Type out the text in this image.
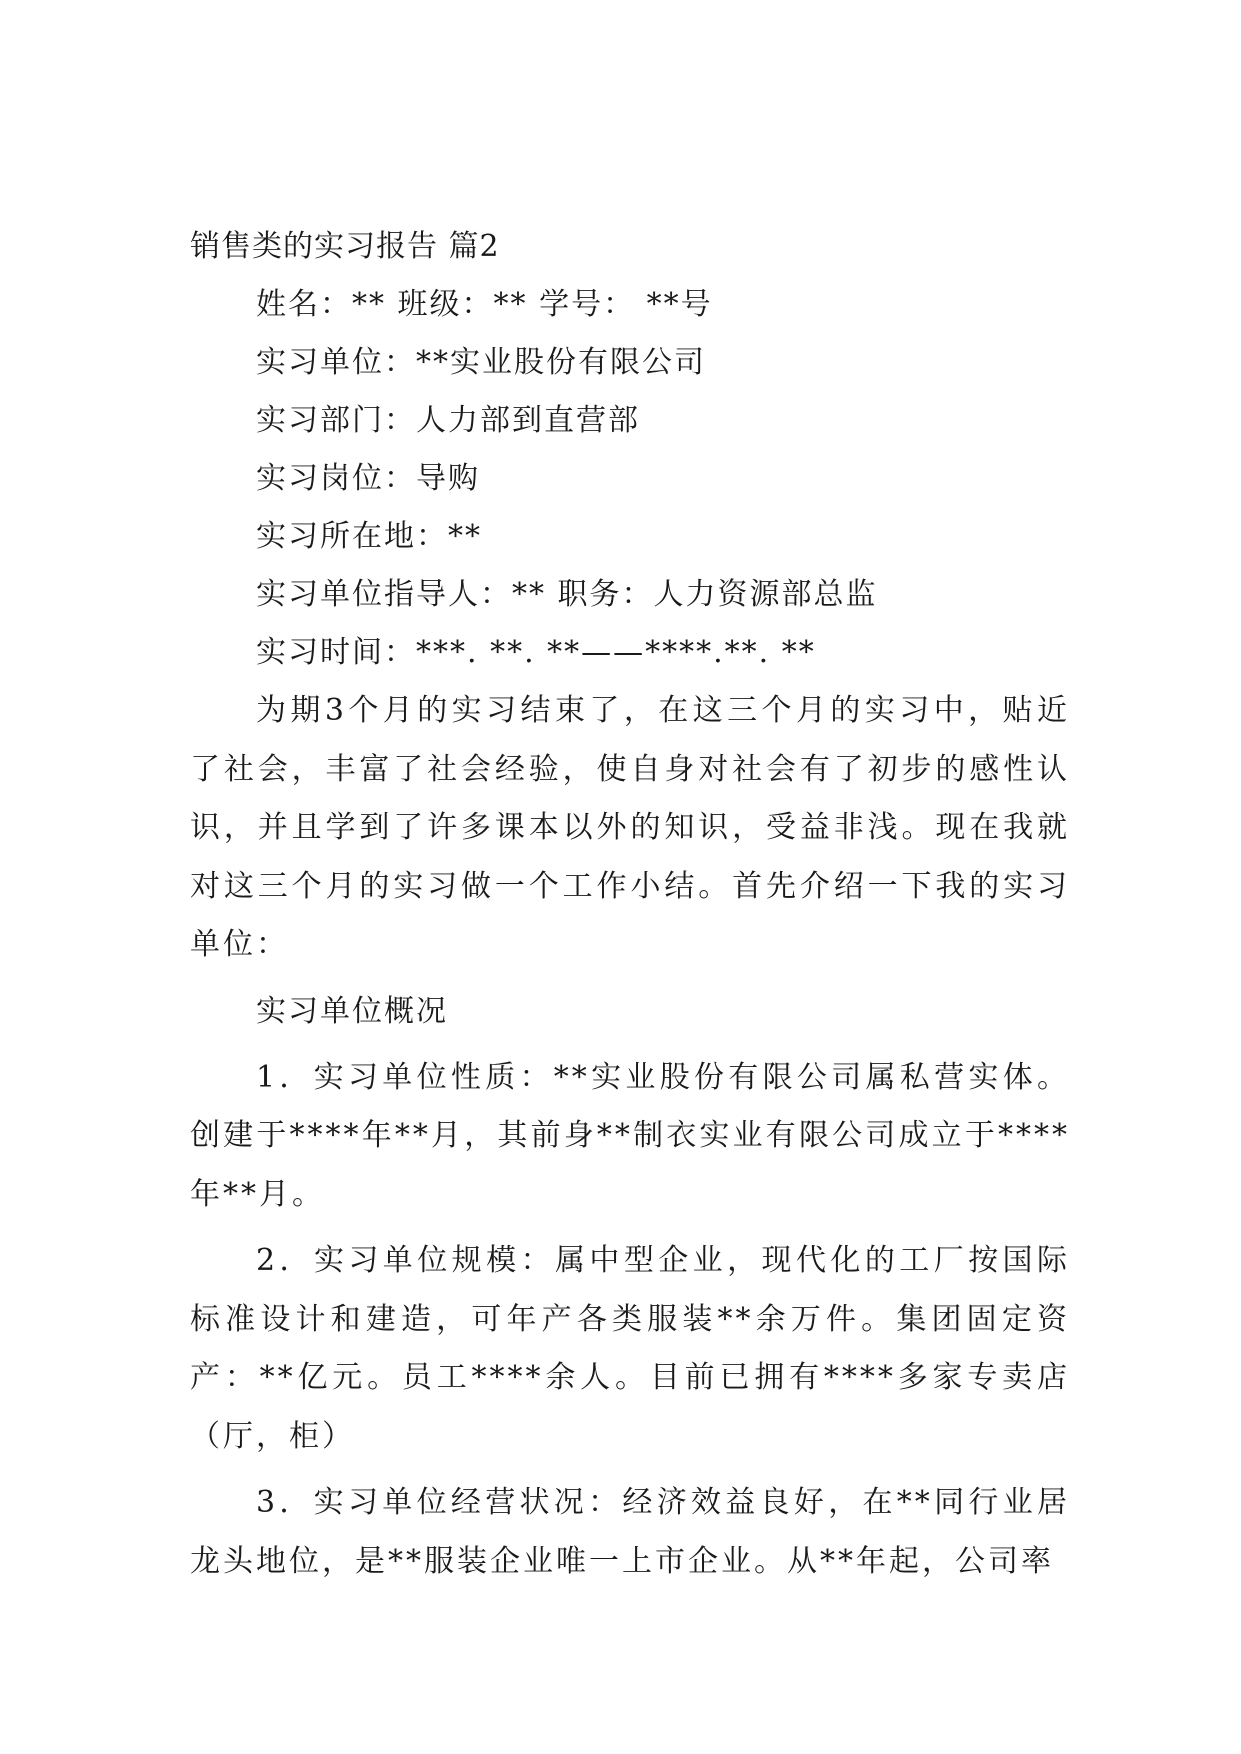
销售类的实习报告 篇2
姓名：** 班级：** 学号： **号
实习单位：**实业股份有限公司
实习部门：人力部到直营部
实习岗位：导购
实习所在地：**
实习单位指导人：** 职务：人力资源部总监
实习时间：***. **. **——****.**. **

为期3个月的实习结束了，在这三个月的实习中，贴近了社会，丰富了社会经验，使自身对社会有了初步的感性认识，并且学到了许多课本以外的知识，受益非浅。现在我就对这三个月的实习做一个工作小结。首先介绍一下我的实习单位：

实习单位概况

1．实习单位性质：**实业股份有限公司属私营实体。创建于****年**月，其前身**制衣实业有限公司成立于****年**月。

2．实习单位规模：属中型企业，现代化的工厂按国际标准设计和建造，可年产各类服装**余万件。集团固定资产：**亿元。员工****余人。目前已拥有****多家专卖店（厅，柜）

3．实习单位经营状况：经济效益良好，在**同行业居龙头地位，是**服装企业唯一上市企业。从**年起，公司率
